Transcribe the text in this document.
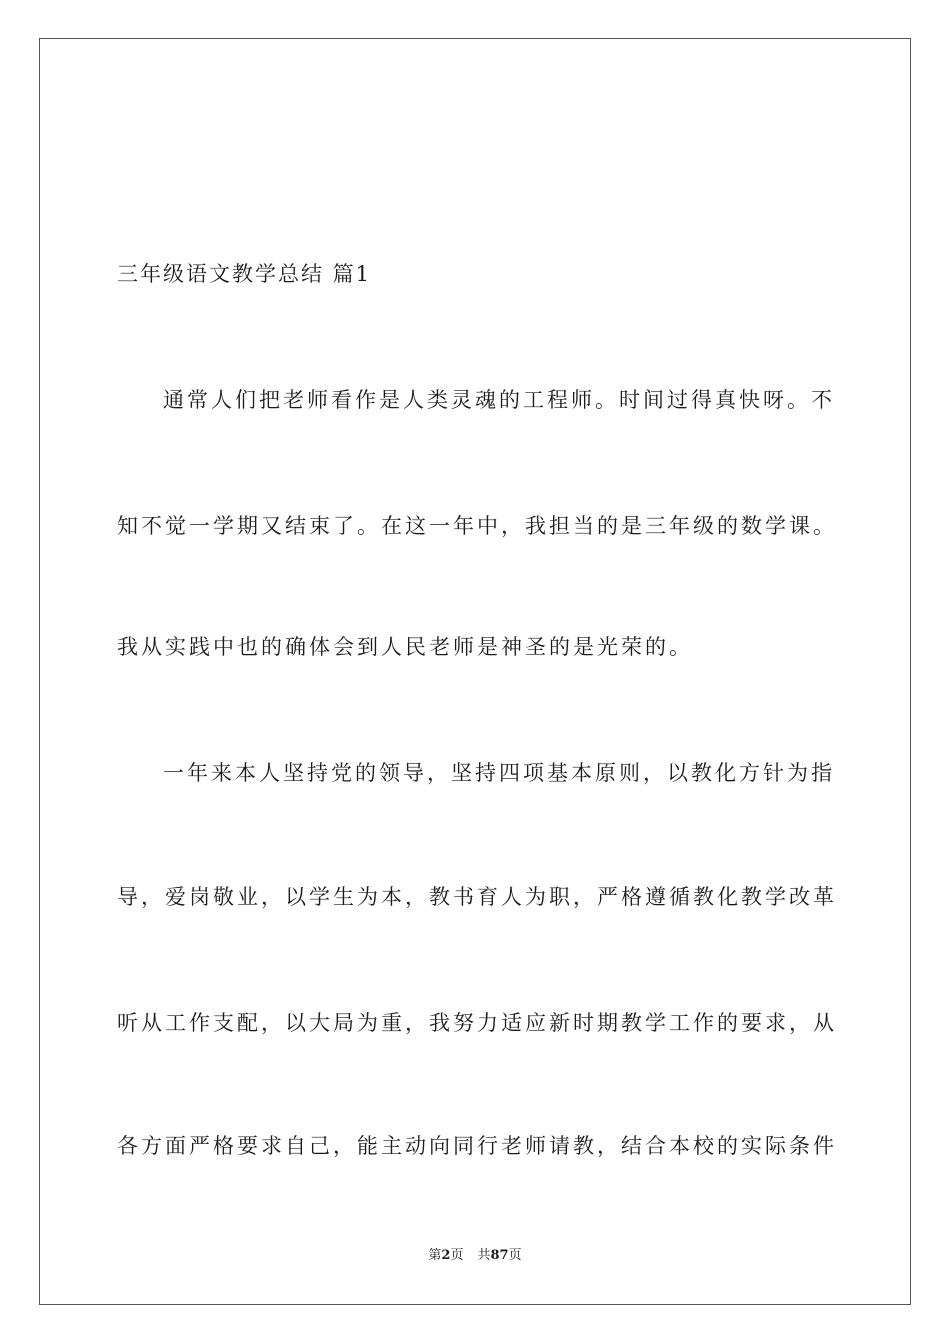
三年级语文教学总结 篇1

通常人们把老师看作是人类灵魂的工程师。时间过得真快呀。不

知不觉一学期又结束了。在这一年中，我担当的是三年级的数学课。

我从实践中也的确体会到人民老师是神圣的是光荣的。

一年来本人坚持党的领导，坚持四项基本原则，以教化方针为指

导，爱岗敬业，以学生为本，教书育人为职，严格遵循教化教学改革

听从工作支配，以大局为重，我努力适应新时期教学工作的要求，从

各方面严格要求自己，能主动向同行老师请教，结合本校的实际条件

第2页 共87页
